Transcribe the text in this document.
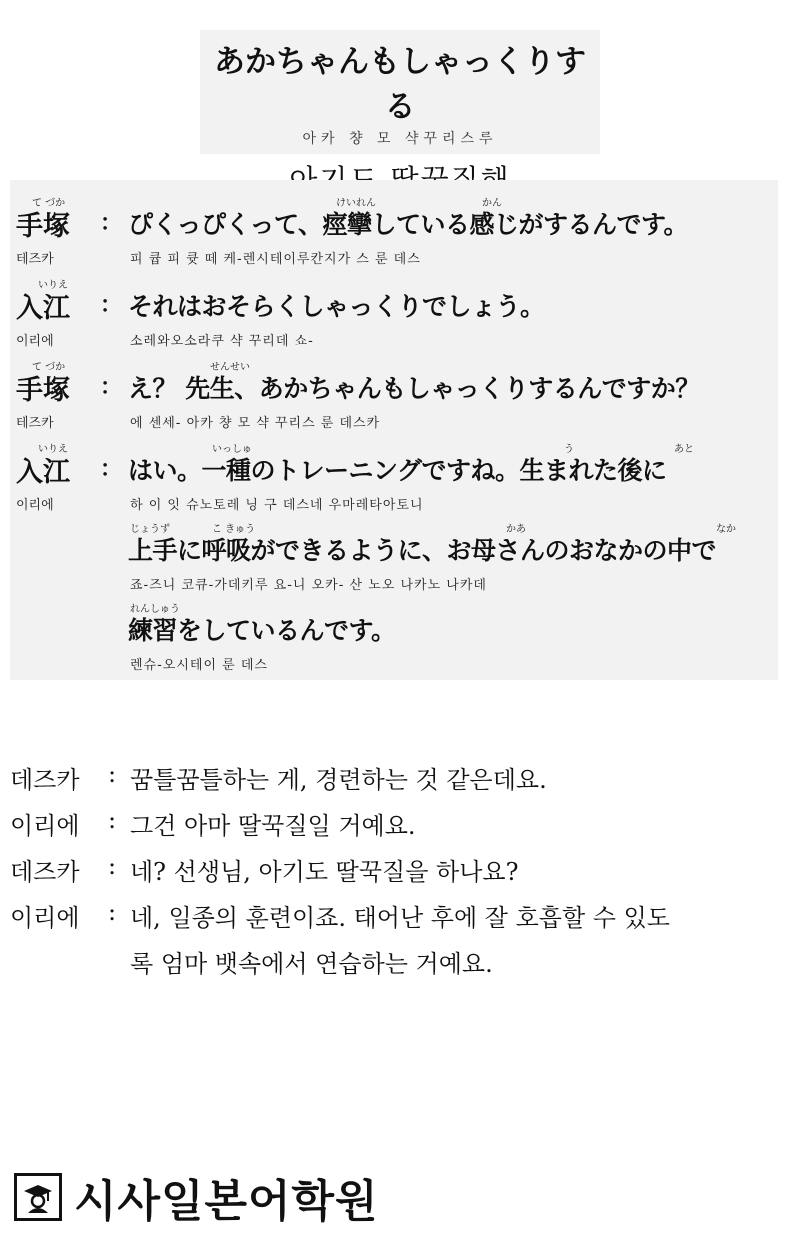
あかちゃんもしゃっくりする
아카 챵 모 샥꾸리스루
て づか	けいれん	かん
手塚 ： ぴくっぴくって、痙攣している感じがするんです。
테즈카	피 큡 피 큣 떼 케-렌시테이루칸지가 스 룬 데스
いりえ
入江 ： それはおそらくしゃっくりでしょう。
이리에	소레와오소라쿠 샥 꾸리데 쇼-
て づか	せんせい
手塚 ： え？ 先生、あかちゃんもしゃっくりするんですか？
테즈카	에 센세- 아카 챵 모 샥 꾸리스 룬 데스카
いりえ	いっしゅ	う	あと
入江 ： はい。一種のトレーニングですね。生まれた後に
이리에	하 이 잇 슈노토레 닝 구 데스네 우마레타아토니
じょうず	こ きゅう	かあ	なか
上手に呼吸ができるように、お母さんのおなかの中で
죠-즈니 코큐-가데키루 요-니 오카- 산 노오 나카노 나카데
れんしゅう
練習をしているんです。
렌슈-오시테이 룬 데스
데즈카 : 꿈틀꿈틀하는 게, 경련하는 것 같은데요.
이리에 : 그건 아마 딸꾹질일 거예요.
데즈카 : 네? 선생님, 아기도 딸꾹질을 하나요?
이리에 : 네, 일종의 훈련이죠. 태어난 후에 잘 호흡할 수 있도
록 엄마 뱃속에서 연습하는 거예요.
시사일본어학원
